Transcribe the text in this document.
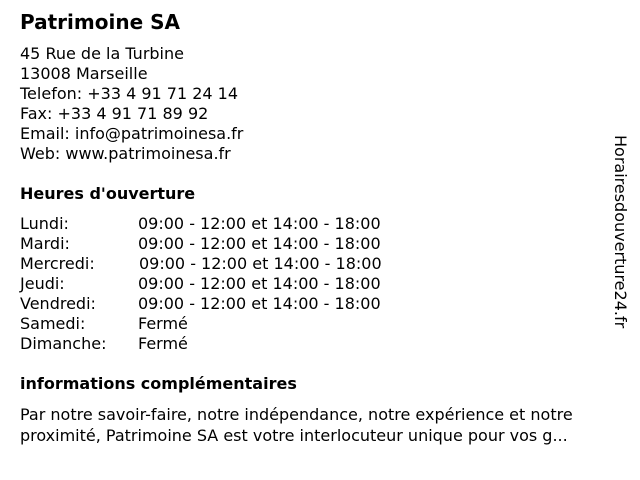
Patrimoine SA
45 Rue de la Turbine
13008 Marseille
Telefon: +33 4 91 71 24 14
Fax: +33 4 91 71 89 92
Email: info@patrimoinesa.fr
Web: www.patrimoinesa.fr
Heures d'ouverture
Lundi:	09:00 - 12:00 et 14:00 - 18:00
Mardi:	09:00 - 12:00 et 14:00 - 18:00
Mercredi:	09:00 - 12:00 et 14:00 - 18:00
Jeudi:	09:00 - 12:00 et 14:00 - 18:00
Vendredi:	09:00 - 12:00 et 14:00 - 18:00
Samedi:	Fermé
Dimanche: Fermé
informations complémentaires
Par notre savoir-faire, notre indépendance, notre expérience et notre
proximité, Patrimoine SA est votre interlocuteur unique pour vos g...
Horairesdouverture24.fr
